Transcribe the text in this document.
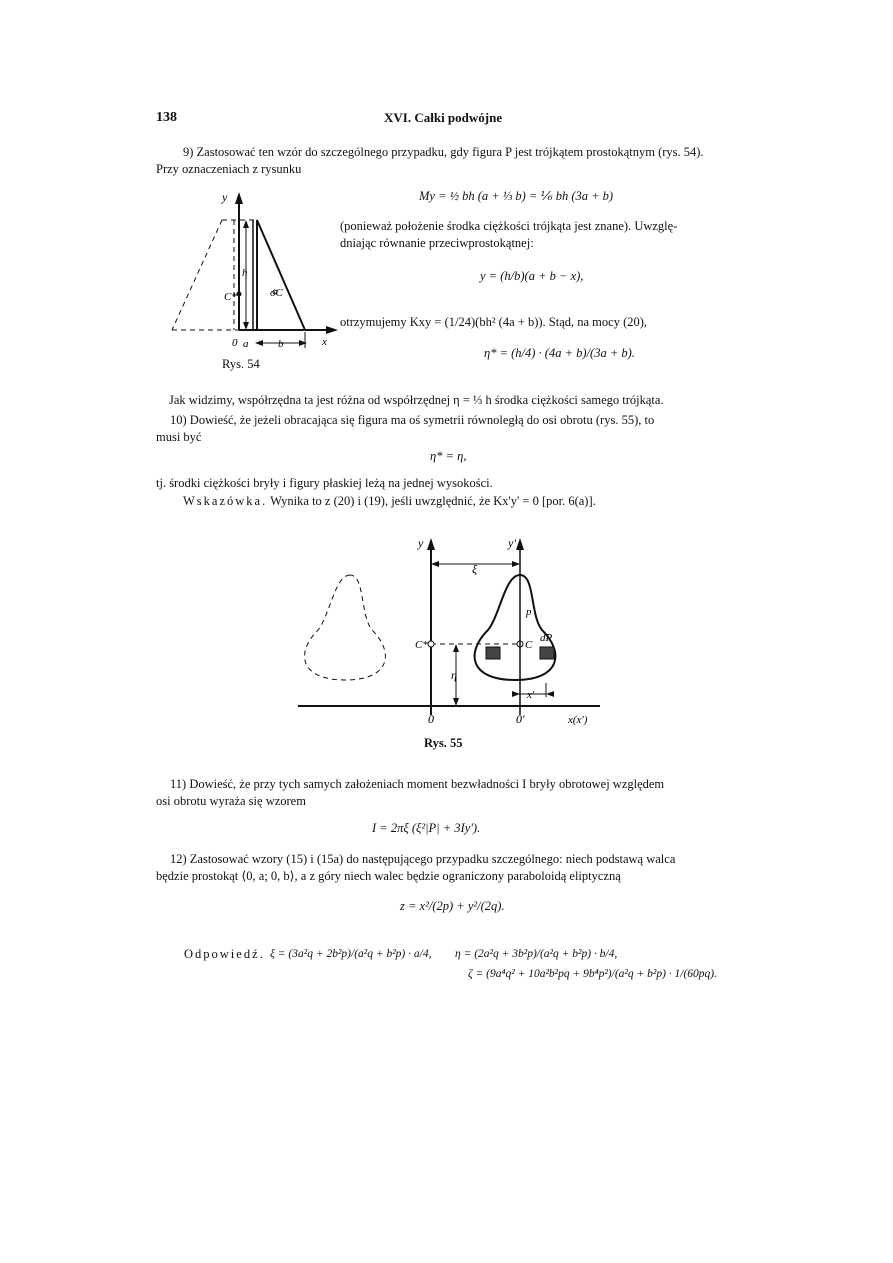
138	XVI. Całki podwójne
9) Zastosować ten wzór do szczególnego przypadku, gdy figura P jest trójkątem prostokątnym (rys. 54).
Przy oznaczeniach z rysunku
My = ½ bh (a + ⅓ b) = ⅙ bh (3a + b)
(ponieważ położenie środka ciężkości trójkąta jest znane). Uwzglę-
dniając równanie przeciwprostokątnej:
y = (h/b)(a + b − x),
otrzymujemy Kxy = (1/24)(bh² (4a + b)). Stąd, na mocy (20),
η* = (h/4) · (4a + b)/(3a + b).
y
h
C*	oC
0 a	b	x
Rys. 54
Jak widzimy, współrzędna ta jest różna od współrzędnej η = ⅓ h środka ciężkości samego trójkąta.
10) Dowieść, że jeżeli obracająca się figura ma oś symetrii równoległą do osi obrotu (rys. 55), to
musi być
η* = η,
tj. środki ciężkości bryły i figury płaskiej leżą na jednej wysokości.
Wskazówka. Wynika to z (20) i (19), jeśli uwzględnić, że Kx'y' = 0 [por. 6(a)].
y	y'
ξ
p
C*	C
dP
η
x'
0	0'	x(x')
Rys. 55
11) Dowieść, że przy tych samych założeniach moment bezwładności I bryły obrotowej względem
osi obrotu wyraża się wzorem
I = 2πξ (ξ²|P| + 3Iy').
12) Zastosować wzory (15) i (15a) do następującego przypadku szczególnego: niech podstawą walca
będzie prostokąt ⟨0, a; 0, b⟩, a z góry niech walec będzie ograniczony paraboloidą eliptyczną
z = x²/(2p) + y²/(2q).
Odpowiedź. ξ = (3a²q + 2b²p)/(a²q + b²p) · a/4, η = (2a²q + 3b²p)/(a²q + b²p) · b/4,
ζ = (9a⁴q² + 10a²b²pq + 9b⁴p²)/(a²q + b²p) · 1/(60pq).
